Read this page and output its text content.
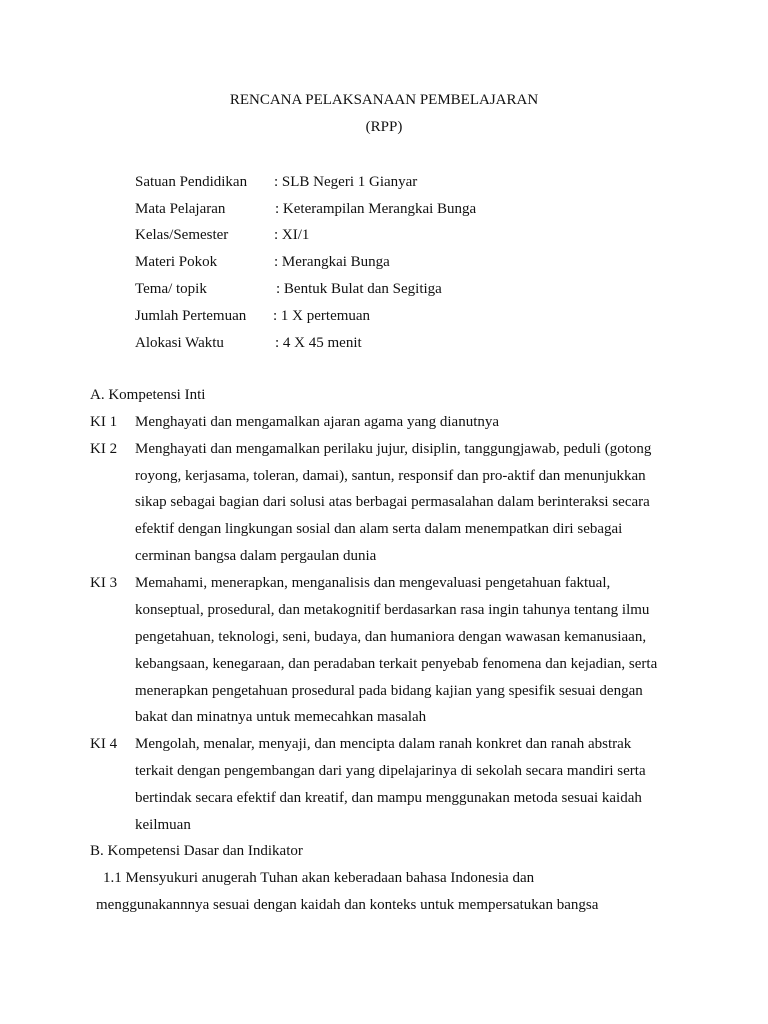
RENCANA PELAKSANAAN PEMBELAJARAN
(RPP)
Satuan Pendidikan : SLB Negeri 1 Gianyar
Mata Pelajaran	: Keterampilan Merangkai Bunga
Kelas/Semester	: XI/1
Materi Pokok	: Merangkai Bunga
Tema/ topik	: Bentuk Bulat dan Segitiga
Jumlah Pertemuan : 1 X pertemuan
Alokasi Waktu	: 4 X 45 menit
A. Kompetensi Inti
KI 1 Menghayati dan mengamalkan ajaran agama yang dianutnya
KI 2 Menghayati dan mengamalkan perilaku jujur, disiplin, tanggungjawab, peduli (gotong
royong, kerjasama, toleran, damai), santun, responsif dan pro-aktif dan menunjukkan
sikap sebagai bagian dari solusi atas berbagai permasalahan dalam berinteraksi secara
efektif dengan lingkungan sosial dan alam serta dalam menempatkan diri sebagai
cerminan bangsa dalam pergaulan dunia
KI 3 Memahami, menerapkan, menganalisis dan mengevaluasi pengetahuan faktual,
konseptual, prosedural, dan metakognitif berdasarkan rasa ingin tahunya tentang ilmu
pengetahuan, teknologi, seni, budaya, dan humaniora dengan wawasan kemanusiaan,
kebangsaan, kenegaraan, dan peradaban terkait penyebab fenomena dan kejadian, serta
menerapkan pengetahuan prosedural pada bidang kajian yang spesifik sesuai dengan
bakat dan minatnya untuk memecahkan masalah
KI 4 Mengolah, menalar, menyaji, dan mencipta dalam ranah konkret dan ranah abstrak
terkait dengan pengembangan dari yang dipelajarinya di sekolah secara mandiri serta
bertindak secara efektif dan kreatif, dan mampu menggunakan metoda sesuai kaidah
keilmuan
B. Kompetensi Dasar dan Indikator
1.1 Mensyukuri anugerah Tuhan akan keberadaan bahasa Indonesia dan
menggunakannnya sesuai dengan kaidah dan konteks untuk mempersatukan bangsa
